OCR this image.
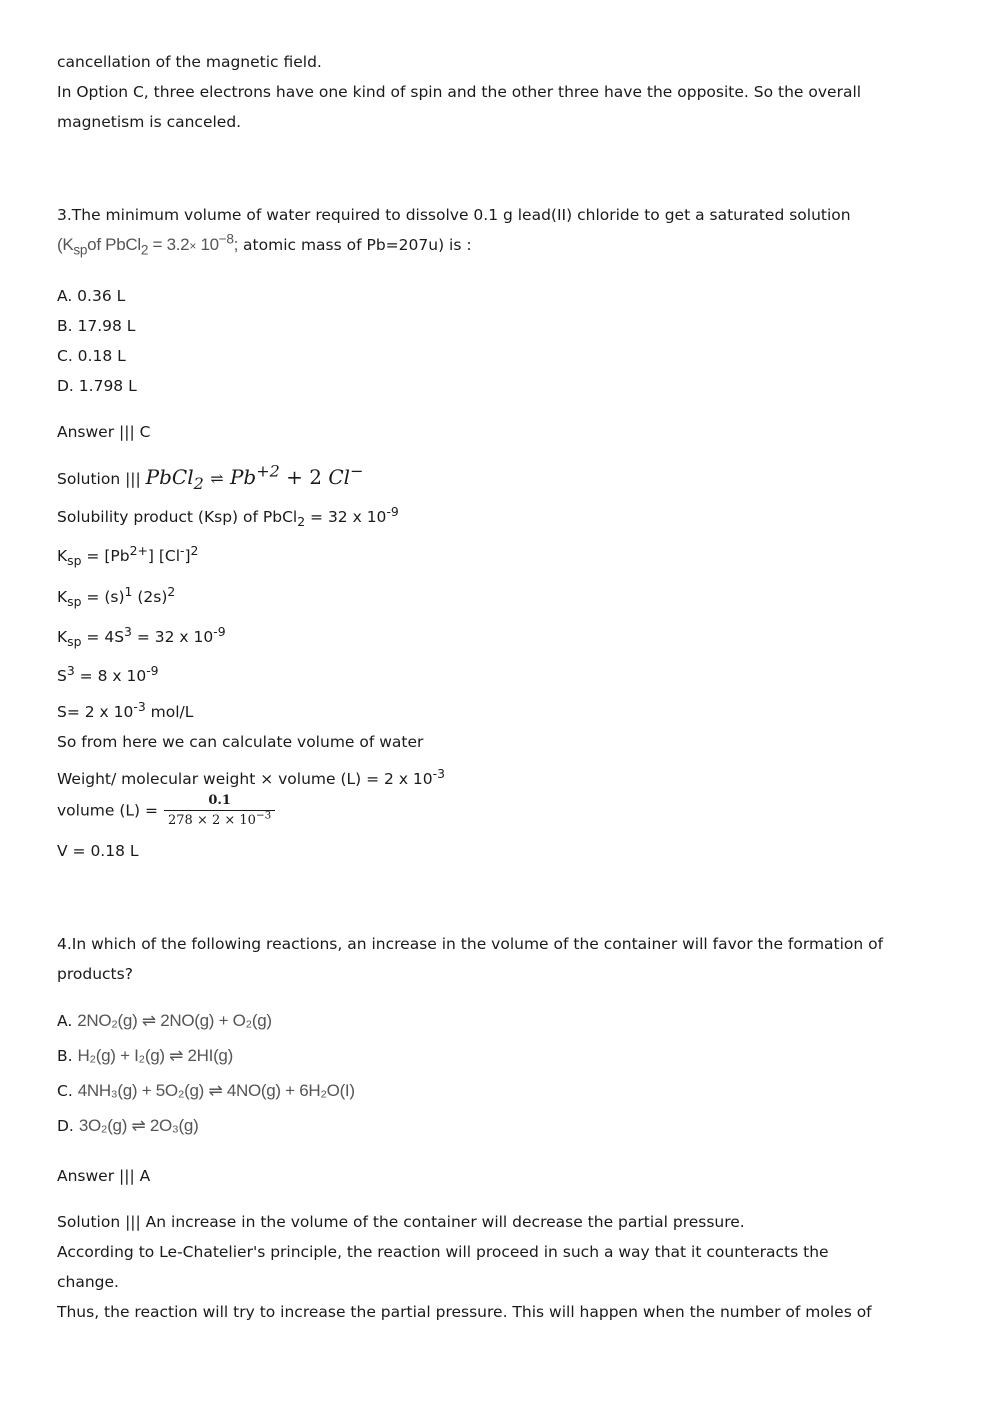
cancellation of the magnetic field.
In Option C, three electrons have one kind of spin and the other three have the opposite. So the overall
magnetism is canceled.
3.The minimum volume of water required to dissolve 0.1 g lead(II) chloride to get a saturated solution
($K_{sp}of$ PbCl$_2$ = $3.2\times 10^{-8}$; atomic mass of Pb=207u) is :
A. 0.36 L
B. 17.98 L
C. 0.18 L
D. 1.798 L
Answer ||| C
Solution ||| PbCl$_2$ ⇌ $Pb^{+2} + 2$ Cl−
Solubility product (Ksp) of PbCl$_2$ = 32 x $10^{-9}$
$K_{sp} = [Pb^{2+}]$ $[Cl^-]^2$
$K_{sp} = (s)^1$ $(2s)^2$
$K_{sp} = 4S^3 = 32$ x $10^{-9}$
$S^3 = 8$ x $10^{-9}$
S= 2 x $10^{-3}$ mol/L
So from here we can calculate volume of water
Weight/ molecular weight × volume (L) = 2 x $10^{-3}$
volume $(L) = \frac{0.1}{278 \times 2 \times 10^{-3}}$
V = 0.18 L
4.In which of the following reactions, an increase in the volume of the container will favor the formation of
products?
A. 2NO₂(g) ⇌ 2NO(g) + O₂(g)
B. H₂(g) + I₂(g) ⇌ 2HI(g)
C. 4NH₃(g) + 5O₂(g) ⇌ 4NO(g) + 6H₂O(I)
D. 3O₂(g) ⇌ 2O₃(g)
Answer ||| A
Solution ||| An increase in the volume of the container will decrease the partial pressure.
According to Le-Chatelier's principle, the reaction will proceed in such a way that it counteracts the
change.
Thus, the reaction will try to increase the partial pressure. This will happen when the number of moles of
